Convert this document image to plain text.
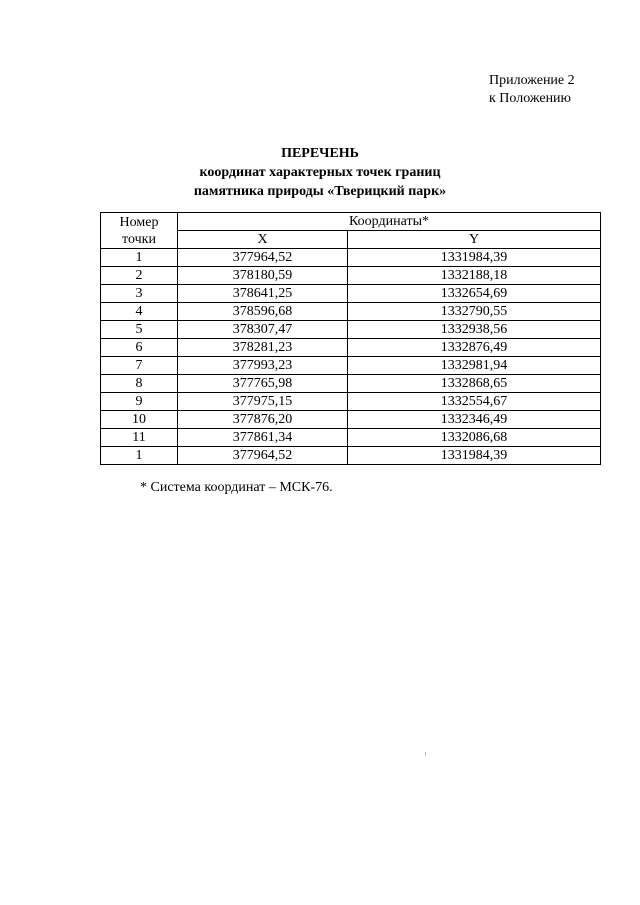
Приложение 2
к Положению
ПЕРЕЧЕНЬ
координат характерных точек границ
памятника природы «Тверицкий парк»
Номер
точки	Координаты*	
	X	Y
1	377964,52	1331984,39
2	378180,59	1332188,18
3	378641,25	1332654,69
4	378596,68	1332790,55
5	378307,47	1332938,56
6	378281,23	1332876,49
7	377993,23	1332981,94
8	377765,98	1332868,65
9	377975,15	1332554,67
10	377876,20	1332346,49
11	377861,34	1332086,68
1	377964,52	1331984,39
* Система координат – МСК-76.
